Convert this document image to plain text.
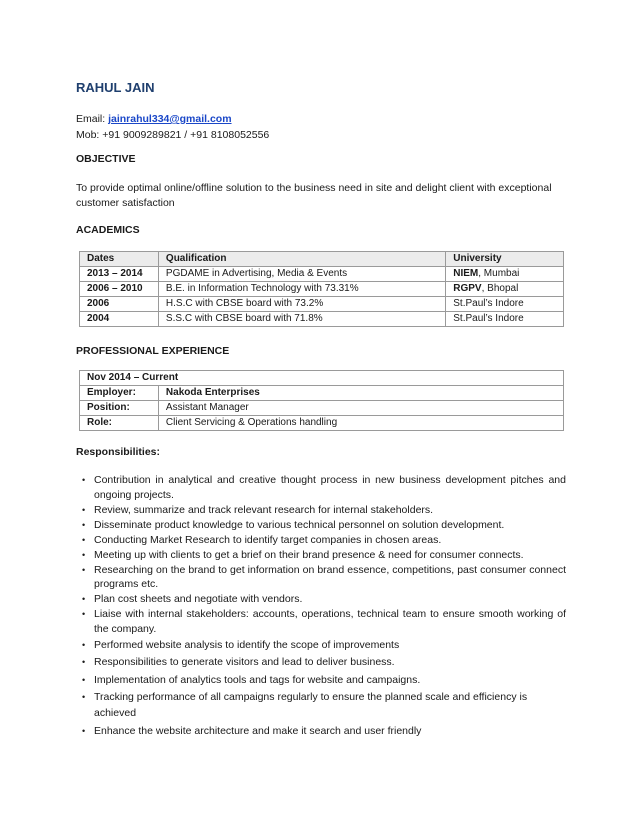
RAHUL JAIN
Email: jainrahul334@gmail.com
Mob: +91 9009289821 / +91 8108052556
OBJECTIVE
To provide optimal online/offline solution to the business need in site and delight client with exceptional customer satisfaction
ACADEMICS
Dates	Qualification	University
2013 – 2014	PGDAME in Advertising, Media & Events	NIEM, Mumbai
2006 – 2010	B.E. in Information Technology with 73.31%	RGPV, Bhopal
2006	H.S.C with CBSE board with 73.2%	St.Paul’s Indore
2004	S.S.C with CBSE board with 71.8%	St.Paul’s Indore
PROFESSIONAL EXPERIENCE
Nov 2014 – Current	
Employer:	Nakoda Enterprises
Position:	Assistant Manager
Role:	Client Servicing & Operations handling
Responsibilities:
• Contribution in analytical and creative thought process in new business development pitches and ongoing projects.
• Review, summarize and track relevant research for internal stakeholders.
• Disseminate product knowledge to various technical personnel on solution development.
• Conducting Market Research to identify target companies in chosen areas.
• Meeting up with clients to get a brief on their brand presence & need for consumer connects.
• Researching on the brand to get information on brand essence, competitions, past consumer connect programs etc.
• Plan cost sheets and negotiate with vendors.
• Liaise with internal stakeholders: accounts, operations, technical team to ensure smooth working of the company.
• Performed website analysis to identify the scope of improvements
• Responsibilities to generate visitors and lead to deliver business.
• Implementation of analytics tools and tags for website and campaigns.
• Tracking performance of all campaigns regularly to ensure the planned scale and efficiency is achieved
• Enhance the website architecture and make it search and user friendly
